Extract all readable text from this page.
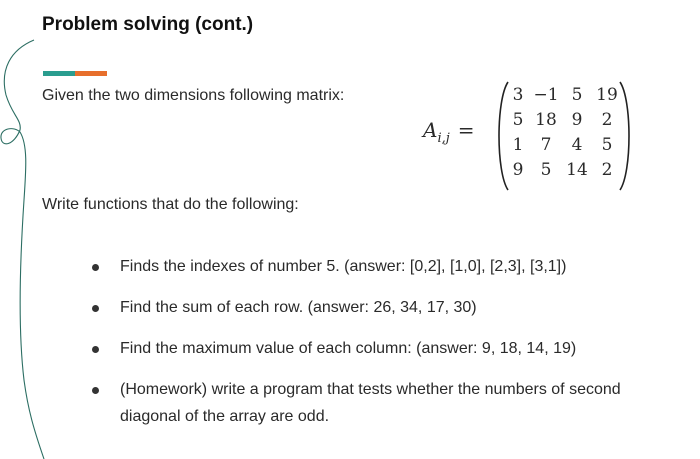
Problem solving (cont.)
Given the two dimensions following matrix:
$A_{i,j}$ =
3 −1 5 19
5 18 9	2
1	7	4	5
9	5 14 2
Write functions that do the following:
Finds the indexes of number 5. (answer: [0,2], [1,0], [2,3], [3,1])
Find the sum of each row. (answer: 26, 34, 17, 30)
Find the maximum value of each column: (answer: 9, 18, 14, 19)
(Homework) write a program that tests whether the numbers of second
diagonal of the array are odd.
